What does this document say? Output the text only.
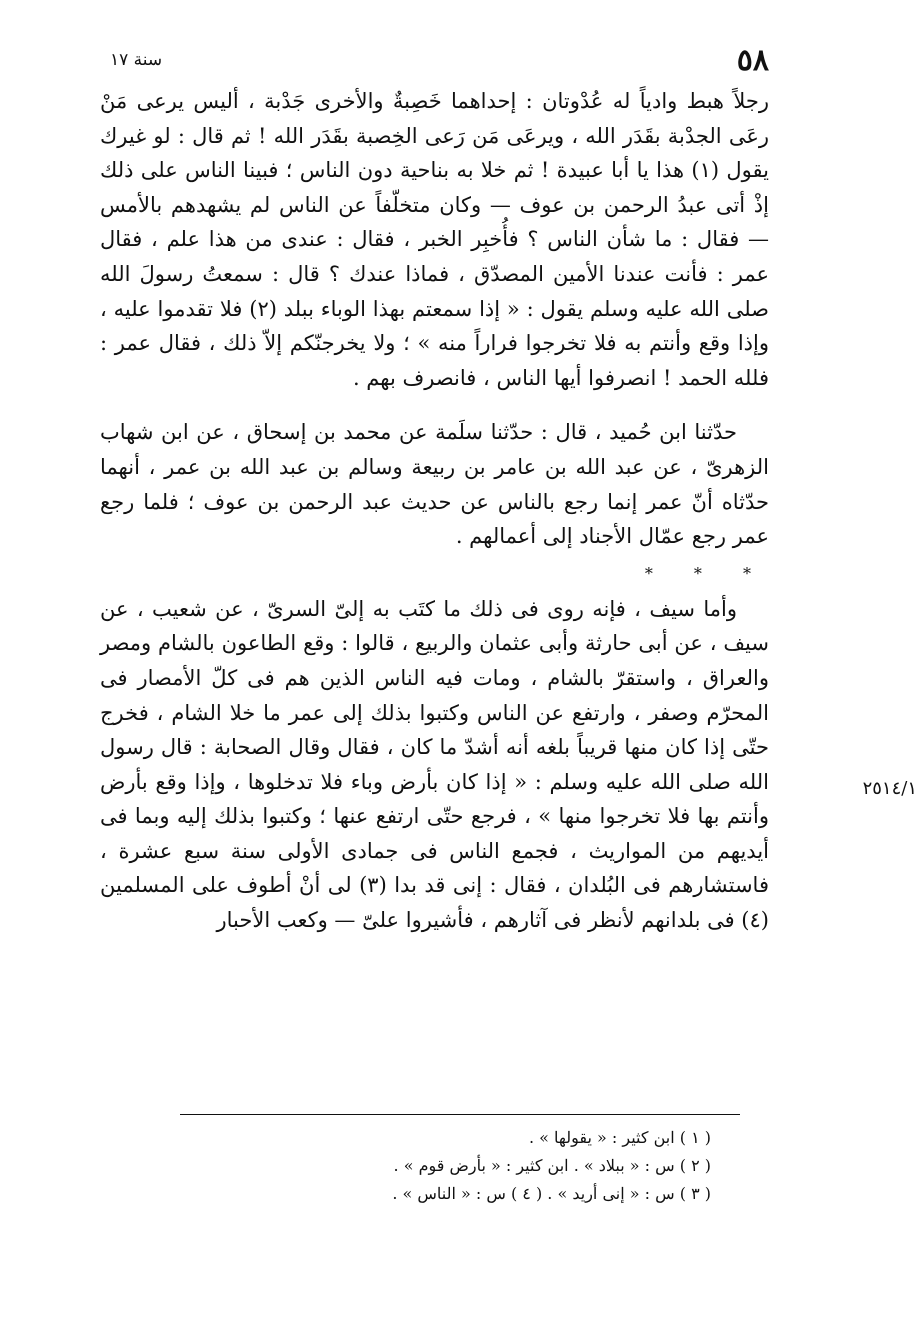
٥٨
سنة ١٧
٢٥١٤/١

رجلاً هبط وادياً له عُدْوتان : إحداهما خَصِبةٌ والأخرى جَدْبة ، أليس يرعى مَنْ رعَى الجدْبة بقَدَر الله ، ويرعَى مَن رَعى الخِصبة بقَدَر الله ! ثم قال : لو غيرك يقول (١) هذا يا أبا عبيدة ! ثم خلا به بناحية دون الناس ؛ فبينا الناس على ذلك إذْ أتى عبدُ الرحمن بن عوف — وكان متخلّفاً عن الناس لم يشهدهم بالأمس — فقال : ما شأن الناس ؟ فأُخبِر الخبر ، فقال : عندى من هذا علم ، فقال عمر : فأنت عندنا الأمين المصدّق ، فماذا عندك ؟ قال : سمعتُ رسولَ الله صلى الله عليه وسلم يقول : « إذا سمعتم بهذا الوباء ببلد (٢) فلا تقدموا عليه ، وإذا وقع وأنتم به فلا تخرجوا فراراً منه » ؛ ولا يخرجنّكم إلاّ ذلك ، فقال عمر : فلله الحمد ! انصرفوا أيها الناس ، فانصرف بهم .

حدّثنا ابن حُميد ، قال : حدّثنا سلَمة عن محمد بن إسحاق ، عن ابن شهاب الزهرىّ ، عن عبد الله بن عامر بن ربيعة وسالم بن عبد الله بن عمر ، أنهما حدّثاه أنّ عمر إنما رجع بالناس عن حديث عبد الرحمن بن عوف ؛ فلما رجع عمر رجع عمّال الأجناد إلى أعمالهم .

* * *

وأما سيف ، فإنه روى فى ذلك ما كتَب به إلىّ السرىّ ، عن شعيب ، عن سيف ، عن أبى حارثة وأبى عثمان والربيع ، قالوا : وقع الطاعون بالشام ومصر والعراق ، واستقرّ بالشام ، ومات فيه الناس الذين هم فى كلّ الأمصار فى المحرّم وصفر ، وارتفع عن الناس وكتبوا بذلك إلى عمر ما خلا الشام ، فخرج حتّى إذا كان منها قريباً بلغه أنه أشدّ ما كان ، فقال وقال الصحابة : قال رسول الله صلى الله عليه وسلم : « إذا كان بأرض وباء فلا تدخلوها ، وإذا وقع بأرض وأنتم بها فلا تخرجوا منها » ، فرجع حتّى ارتفع عنها ؛ وكتبوا بذلك إليه وبما فى أيديهم من المواريث ، فجمع الناس فى جمادى الأولى سنة سبع عشرة ، فاستشارهم فى البُلدان ، فقال : إنى قد بدا (٣) لى أنْ أطوف على المسلمين (٤) فى بلدانهم لأنظر فى آثارهم ، فأشيروا علىّ — وكعب الأحبار

( ١ ) ابن كثير : « يقولها » .
( ٢ ) س : « ببلاد » . ابن كثير : « بأرض قوم » .
( ٣ ) س : « إنى أريد » . ( ٤ ) س : « الناس » .
